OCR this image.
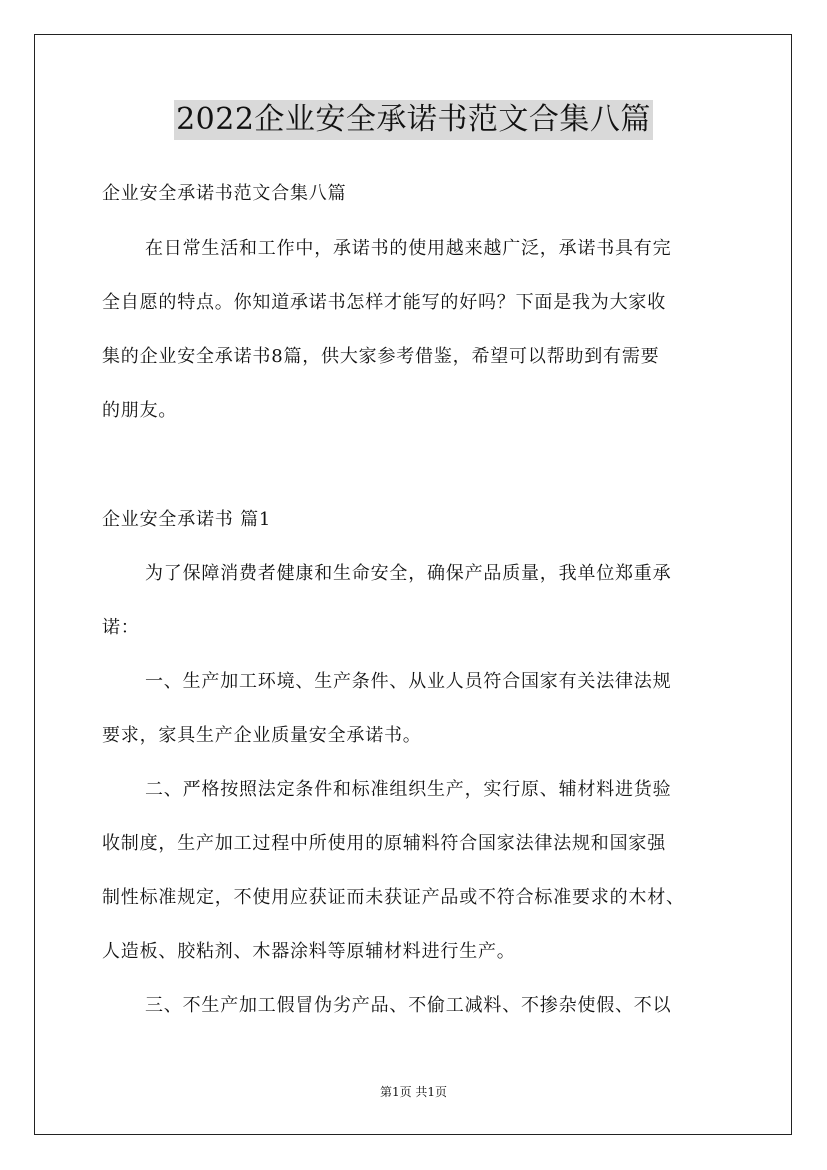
2022企业安全承诺书范文合集八篇
企业安全承诺书范文合集八篇
在日常生活和工作中，承诺书的使用越来越广泛，承诺书具有完
全自愿的特点。你知道承诺书怎样才能写的好吗？下面是我为大家收
集的企业安全承诺书8篇，供大家参考借鉴，希望可以帮助到有需要
的朋友。
企业安全承诺书 篇1
为了保障消费者健康和生命安全，确保产品质量，我单位郑重承
诺：
一、生产加工环境、生产条件、从业人员符合国家有关法律法规
要求，家具生产企业质量安全承诺书。
二、严格按照法定条件和标准组织生产，实行原、辅材料进货验
收制度，生产加工过程中所使用的原辅料符合国家法律法规和国家强
制性标准规定，不使用应获证而未获证产品或不符合标准要求的木材、
人造板、胶粘剂、木器涂料等原辅材料进行生产。
三、不生产加工假冒伪劣产品、不偷工减料、不掺杂使假、不以
第1页 共1页
